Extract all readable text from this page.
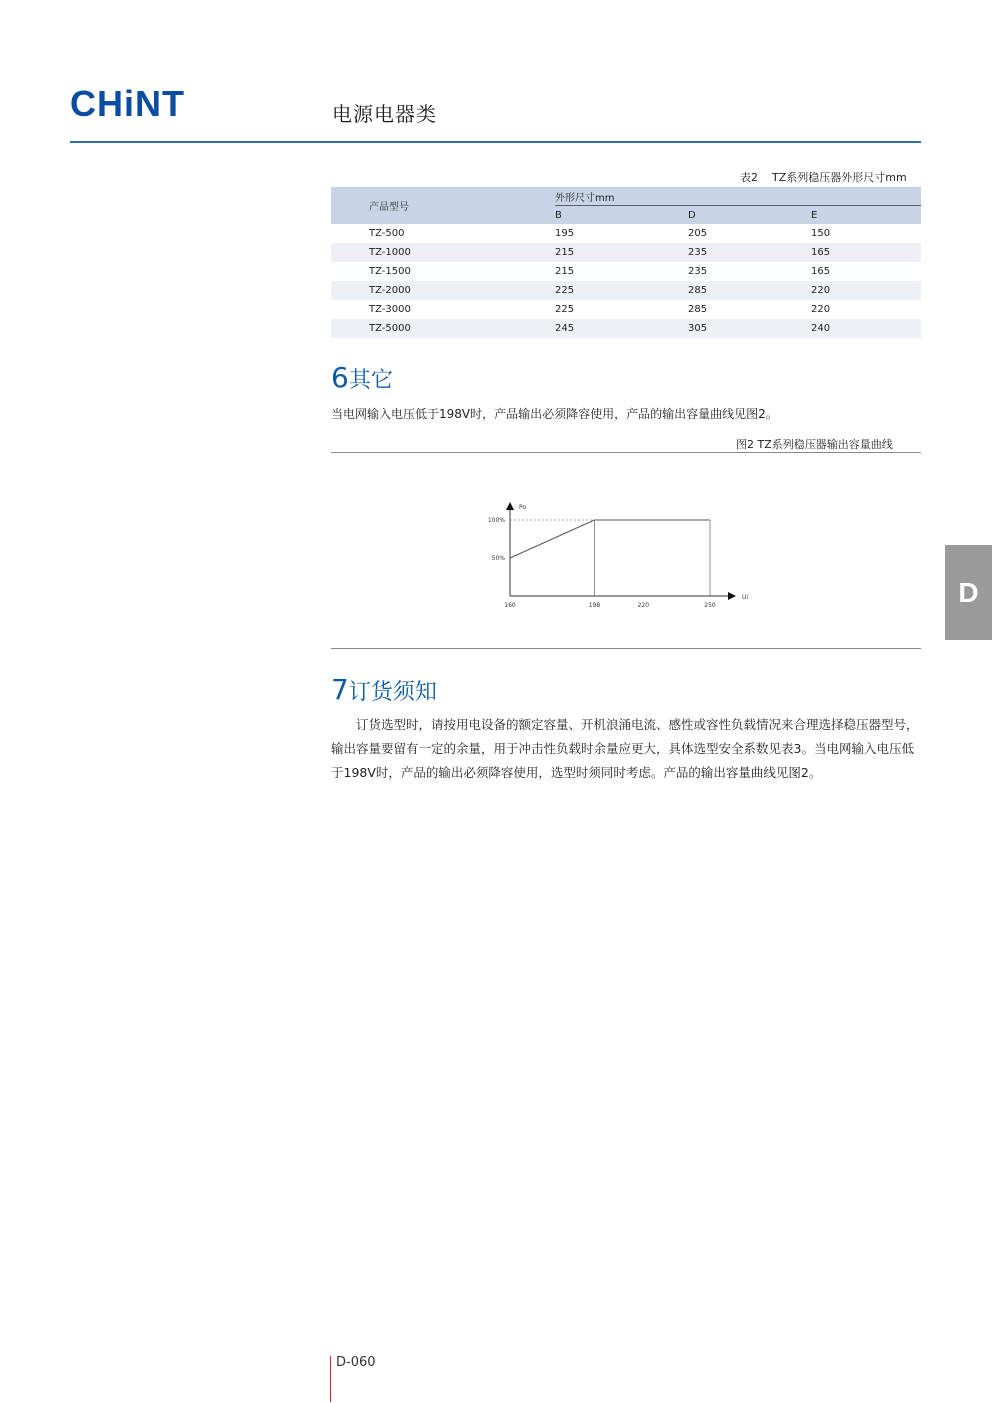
CHiNT	电源电器类
表2    TZ系列稳压器外形尺寸mm
产品型号	外形尺寸mm		
	B	D	E
TZ-500	195	205	150
TZ-1000	215	235	165
TZ-1500	215	235	165
TZ-2000	225	285	220
TZ-3000	225	285	220
TZ-5000	245	305	240
6其它
当电网输入电压低于198V时，产品输出必须降容使用，产品的输出容量曲线见图2。
图2 TZ系列稳压器输出容量曲线
160	198	220	250
50%
100%
Ui
Po
D
7订货须知

订货选型时，请按用电设备的额定容量、开机浪涌电流、感性或容性负载情况来合理选择稳压器型号，输出容量要留有一定的余量，用于冲击性负载时余量应更大，具体选型安全系数见表3。当电网输入电压低于198V时，产品的输出必须降容使用，选型时须同时考虑。产品的输出容量曲线见图2。

D-060
